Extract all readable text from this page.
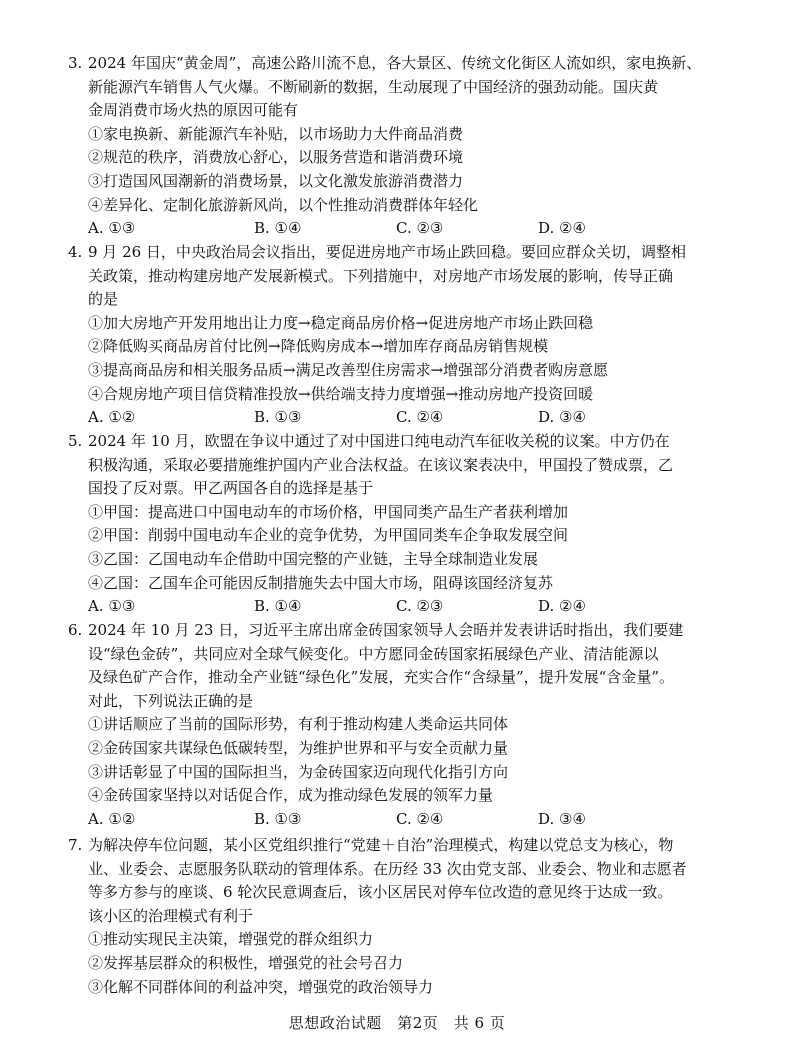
3. 2024 年国庆“黄金周”，高速公路川流不息，各大景区、传统文化街区人流如织，家电换新、
新能源汽车销售人气火爆。不断刷新的数据，生动展现了中国经济的强劲动能。国庆黄
金周消费市场火热的原因可能有
①家电换新、新能源汽车补贴，以市场助力大件商品消费
②规范的秩序，消费放心舒心，以服务营造和谐消费环境
③打造国风国潮新的消费场景，以文化激发旅游消费潜力
④差异化、定制化旅游新风尚，以个性推动消费群体年轻化
A. ①③	B. ①④	C. ②③	D. ②④
4. 9 月 26 日，中央政治局会议指出，要促进房地产市场止跌回稳。要回应群众关切，调整相
关政策，推动构建房地产发展新模式。下列措施中，对房地产市场发展的影响，传导正确
的是
①加大房地产开发用地出让力度→稳定商品房价格→促进房地产市场止跌回稳
②降低购买商品房首付比例→降低购房成本→增加库存商品房销售规模
③提高商品房和相关服务品质→满足改善型住房需求→增强部分消费者购房意愿
④合规房地产项目信贷精准投放→供给端支持力度增强→推动房地产投资回暖
A. ①②	B. ①③	C. ②④	D. ③④
5. 2024 年 10 月，欧盟在争议中通过了对中国进口纯电动汽车征收关税的议案。中方仍在
积极沟通，采取必要措施维护国内产业合法权益。在该议案表决中，甲国投了赞成票，乙
国投了反对票。甲乙两国各自的选择是基于
①甲国：提高进口中国电动车的市场价格，甲国同类产品生产者获利增加
②甲国：削弱中国电动车企业的竞争优势，为甲国同类车企争取发展空间
③乙国：乙国电动车企借助中国完整的产业链，主导全球制造业发展
④乙国：乙国车企可能因反制措施失去中国大市场，阻碍该国经济复苏
A. ①③	B. ①④	C. ②③	D. ②④
6. 2024 年 10 月 23 日，习近平主席出席金砖国家领导人会晤并发表讲话时指出，我们要建
设“绿色金砖”，共同应对全球气候变化。中方愿同金砖国家拓展绿色产业、清洁能源以
及绿色矿产合作，推动全产业链“绿色化”发展，充实合作“含绿量”，提升发展“含金量”。
对此，下列说法正确的是
①讲话顺应了当前的国际形势，有利于推动构建人类命运共同体
②金砖国家共谋绿色低碳转型，为维护世界和平与安全贡献力量
③讲话彰显了中国的国际担当，为金砖国家迈向现代化指引方向
④金砖国家坚持以对话促合作，成为推动绿色发展的领军力量
A. ①②	B. ①③	C. ②④	D. ③④
7. 为解决停车位问题，某小区党组织推行“党建＋自治”治理模式，构建以党总支为核心，物
业、业委会、志愿服务队联动的管理体系。在历经 33 次由党支部、业委会、物业和志愿者
等多方参与的座谈、6 轮次民意调查后，该小区居民对停车位改造的意见终于达成一致。
该小区的治理模式有利于
①推动实现民主决策，增强党的群众组织力
②发挥基层群众的积极性，增强党的社会号召力
③化解不同群体间的利益冲突，增强党的政治领导力
思想政治试题　第2页　共 6 页
